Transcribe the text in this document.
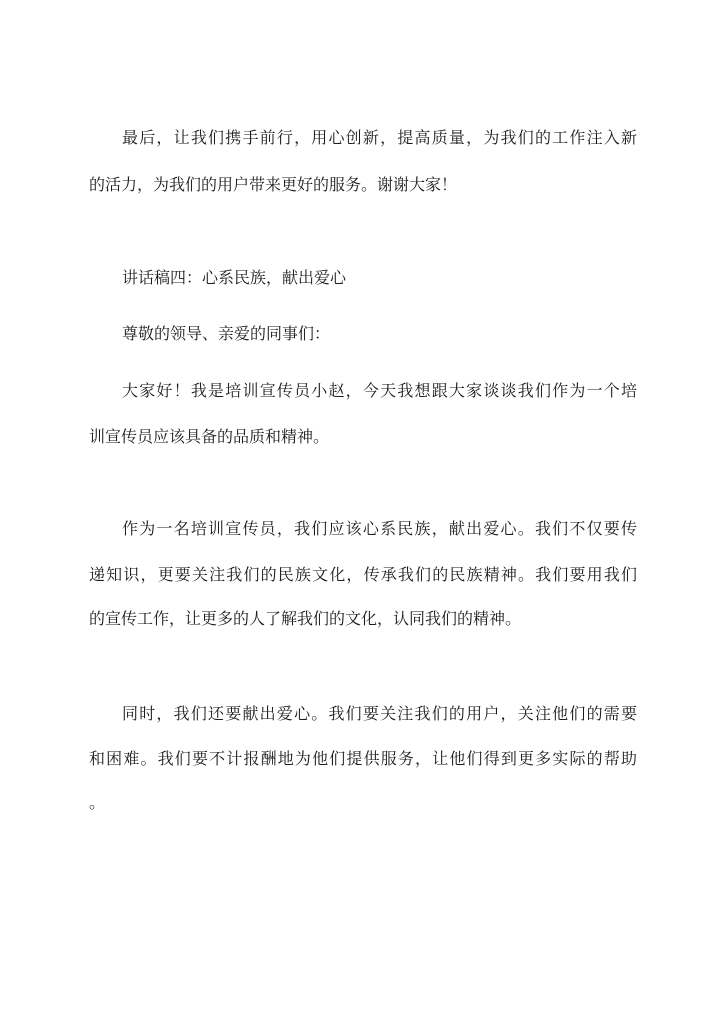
最后，让我们携手前行，用心创新，提高质量，为我们的工作注入新
的活力，为我们的用户带来更好的服务。谢谢大家！
讲话稿四：心系民族，献出爱心
尊敬的领导、亲爱的同事们：
大家好！我是培训宣传员小赵，今天我想跟大家谈谈我们作为一个培
训宣传员应该具备的品质和精神。
作为一名培训宣传员，我们应该心系民族，献出爱心。我们不仅要传
递知识，更要关注我们的民族文化，传承我们的民族精神。我们要用我们
的宣传工作，让更多的人了解我们的文化，认同我们的精神。
同时，我们还要献出爱心。我们要关注我们的用户，关注他们的需要
和困难。我们要不计报酬地为他们提供服务，让他们得到更多实际的帮助
。
